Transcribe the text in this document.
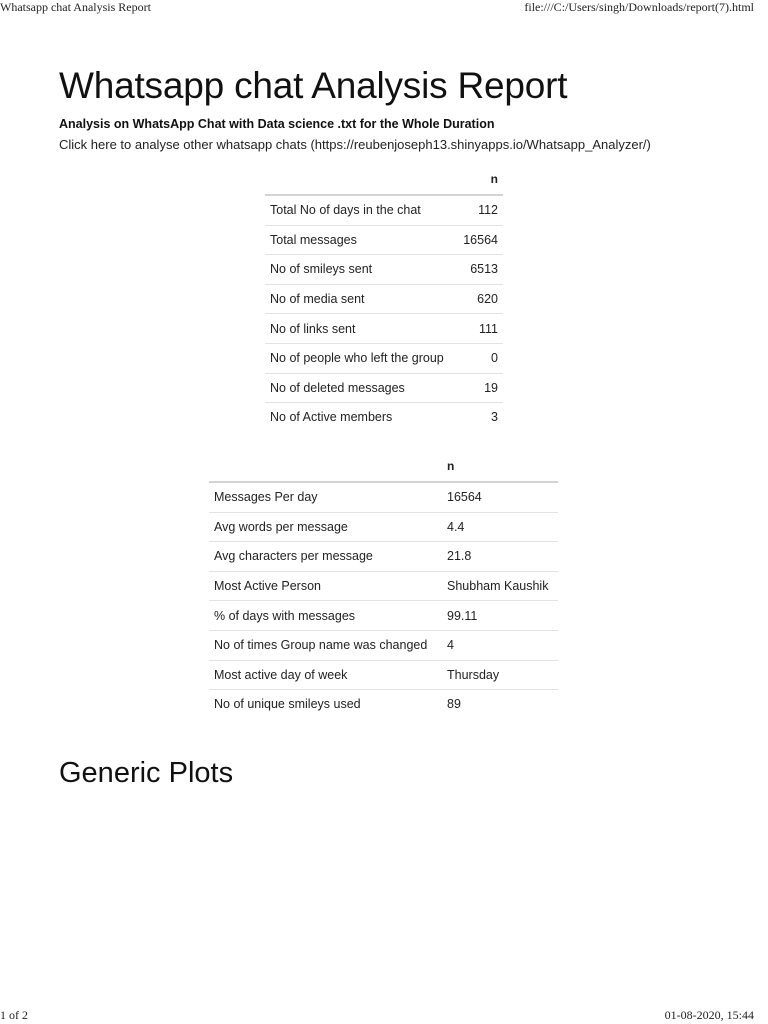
Whatsapp chat Analysis Report	file:///C:/Users/singh/Downloads/report(7).html
Whatsapp chat Analysis Report
Analysis on WhatsApp Chat with Data science .txt for the Whole Duration
Click here to analyse other whatsapp chats (https://reubenjoseph13.shinyapps.io/Whatsapp_Analyzer/)
	n
Total No of days in the chat	112
Total messages	16564
No of smileys sent	6513
No of media sent	620
No of links sent	111
No of people who left the group	0
No of deleted messages	19
No of Active members	3
	n
Messages Per day	16564
Avg words per message	4.4
Avg characters per message	21.8
Most Active Person	Shubham Kaushik
% of days with messages	99.11
No of times Group name was changed	4
Most active day of week	Thursday
No of unique smileys used	89
Generic Plots
1 of 2	01-08-2020, 15:44
